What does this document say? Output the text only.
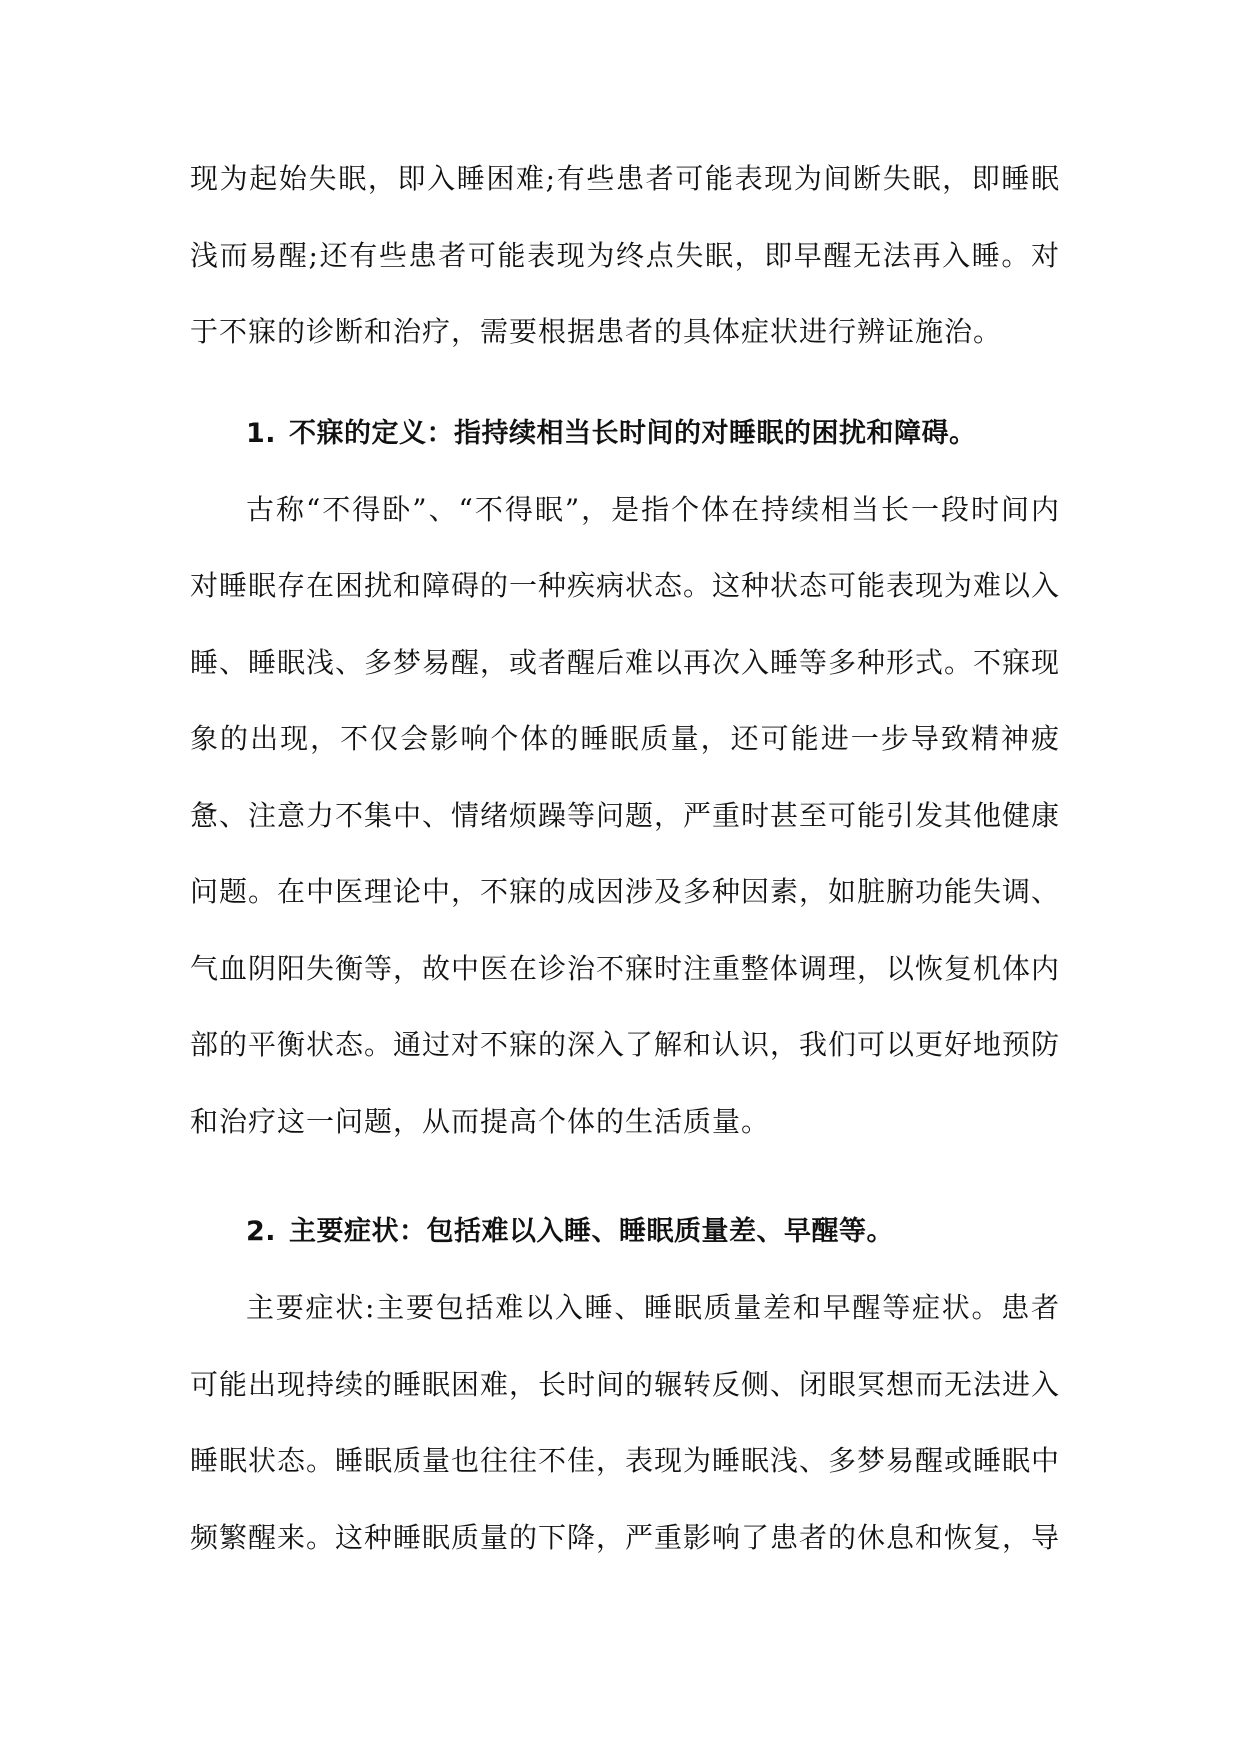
现为起始失眠，即入睡困难;有些患者可能表现为间断失眠，即睡眠浅而易醒;还有些患者可能表现为终点失眠，即早醒无法再入睡。对于不寐的诊断和治疗，需要根据患者的具体症状进行辨证施治。

1. 不寐的定义：指持续相当长时间的对睡眠的困扰和障碍。

古称“不得卧”、“不得眠”，是指个体在持续相当长一段时间内对睡眠存在困扰和障碍的一种疾病状态。这种状态可能表现为难以入睡、睡眠浅、多梦易醒，或者醒后难以再次入睡等多种形式。不寐现象的出现，不仅会影响个体的睡眠质量，还可能进一步导致精神疲惫、注意力不集中、情绪烦躁等问题，严重时甚至可能引发其他健康问题。在中医理论中，不寐的成因涉及多种因素，如脏腑功能失调、气血阴阳失衡等，故中医在诊治不寐时注重整体调理，以恢复机体内部的平衡状态。通过对不寐的深入了解和认识，我们可以更好地预防和治疗这一问题，从而提高个体的生活质量。

2. 主要症状：包括难以入睡、睡眠质量差、早醒等。

主要症状:主要包括难以入睡、睡眠质量差和早醒等症状。患者可能出现持续的睡眠困难，长时间的辗转反侧、闭眼冥想而无法进入睡眠状态。睡眠质量也往往不佳，表现为睡眠浅、多梦易醒或睡眠中频繁醒来。这种睡眠质量的下降，严重影响了患者的休息和恢复，导
